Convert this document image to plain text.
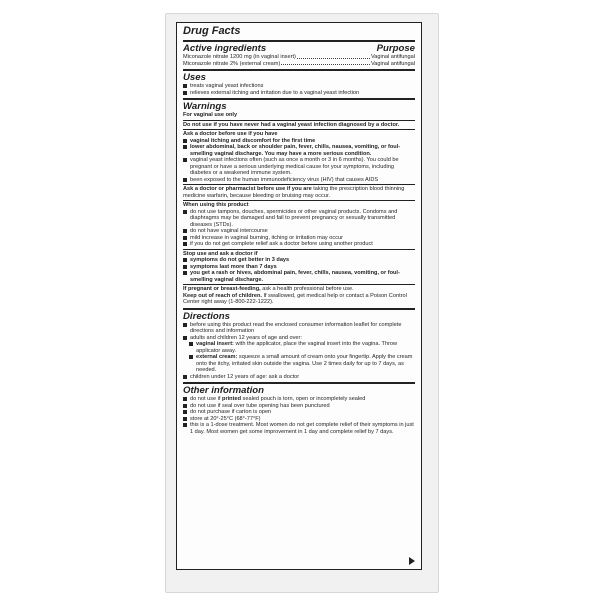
Drug Facts
Active ingredients	Purpose
Miconazole nitrate 1200 mg (in vaginal insert)	Vaginal antifungal
Miconazole nitrate 2% (external cream)	Vaginal antifungal
Uses
treats vaginal yeast infections
relieves external itching and irritation due to a vaginal yeast infection
Warnings
For vaginal use only
Do not use if you have never had a vaginal yeast infection diagnosed by a doctor.
Ask a doctor before use if you have
vaginal itching and discomfort for the first time
lower abdominal, back or shoulder pain, fever, chills, nausea, vomiting, or foul-smelling vaginal discharge. You may have a more serious condition.
vaginal yeast infections often (such as once a month or 3 in 6 months). You could be pregnant or have a serious underlying medical cause for your symptoms, including diabetes or a weakened immune system.
been exposed to the human immunodeficiency virus (HIV) that causes AIDS
Ask a doctor or pharmacist before use if you are taking the prescription blood thinning medicine warfarin, because bleeding or bruising may occur.
When using this product
do not use tampons, douches, spermicides or other vaginal products. Condoms and diaphragms may be damaged and fail to prevent pregnancy or sexually transmitted diseases (STDs).
do not have vaginal intercourse
mild increase in vaginal burning, itching or irritation may occur
if you do not get complete relief ask a doctor before using another product
Stop use and ask a doctor if
symptoms do not get better in 3 days
symptoms last more than 7 days
you get a rash or hives, abdominal pain, fever, chills, nausea, vomiting, or foul-smelling vaginal discharge.
If pregnant or breast-feeding, ask a health professional before use.
Keep out of reach of children. If swallowed, get medical help or contact a Poison Control Center right away (1-800-222-1222).
Directions
before using this product read the enclosed consumer information leaflet for complete directions and information
adults and children 12 years of age and over:
vaginal insert: with the applicator, place the vaginal insert into the vagina. Throw applicator away.
external cream: squeeze a small amount of cream onto your fingertip. Apply the cream onto the itchy, irritated skin outside the vagina. Use 2 times daily for up to 7 days, as needed.
children under 12 years of age: ask a doctor
Other information
do not use if printed sealed pouch is torn, open or incompletely sealed
do not use if seal over tube opening has been punctured
do not purchase if carton is open
store at 20°-25°C (68°-77°F)
this is a 1-dose treatment. Most women do not get complete relief of their symptoms in just 1 day. Most women get some improvement in 1 day and complete relief by 7 days.
